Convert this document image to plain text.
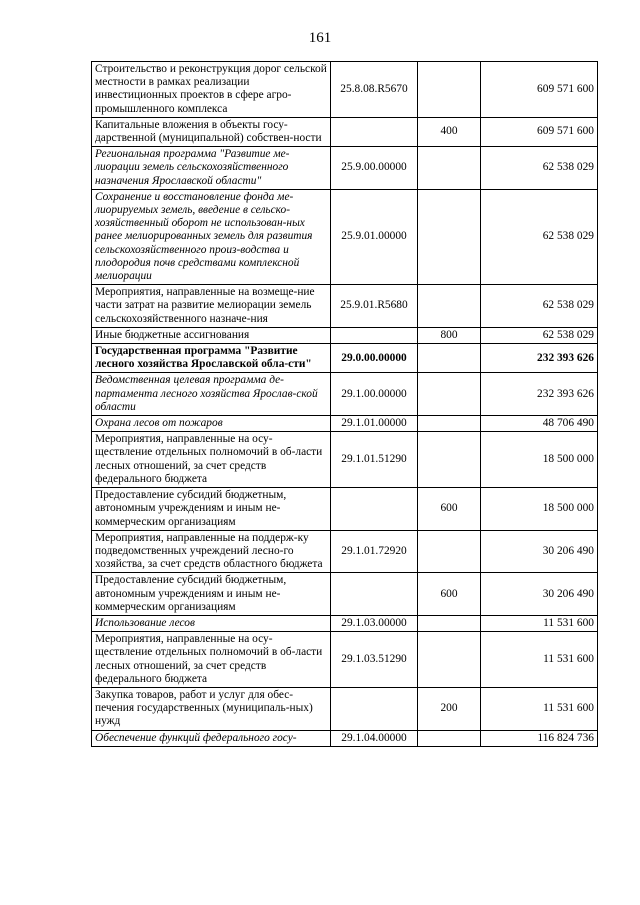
161
Строительство и реконструкция дорог сельской местности в рамках реализации инвестиционных проектов в сфере агро-промышленного комплекса	25.8.08.R5670		609 571 600
Капитальные вложения в объекты госу-дарственной (муниципальной) собствен-ности		400	609 571 600
Региональная программа "Развитие ме-лиорации земель сельскохозяйственного назначения Ярославской области"	25.9.00.00000		62 538 029
Сохранение и восстановление фонда ме-лиорируемых земель, введение в сельско-хозяйственный оборот не использован-ных ранее мелиорированных земель для развития сельскохозяйственного произ-водства и плодородия почв средствами комплексной мелиорации	25.9.01.00000		62 538 029
Мероприятия, направленные на возмеще-ние части затрат на развитие мелиорации земель сельскохозяйственного назначе-ния	25.9.01.R5680		62 538 029
Иные бюджетные ассигнования		800	62 538 029
Государственная программа "Развитие лесного хозяйства Ярославской обла-сти"	29.0.00.00000		232 393 626
Ведомственная целевая программа де-партамента лесного хозяйства Ярослав-ской области	29.1.00.00000		232 393 626
Охрана лесов от пожаров	29.1.01.00000		48 706 490
Мероприятия, направленные на осу-ществление отдельных полномочий в об-ласти лесных отношений, за счет средств федерального бюджета	29.1.01.51290		18 500 000
Предоставление субсидий бюджетным, автономным учреждениям и иным не-коммерческим организациям		600	18 500 000
Мероприятия, направленные на поддерж-ку подведомственных учреждений лесно-го хозяйства, за счет средств областного бюджета	29.1.01.72920		30 206 490
Предоставление субсидий бюджетным, автономным учреждениям и иным не-коммерческим организациям		600	30 206 490
Использование лесов	29.1.03.00000		11 531 600
Мероприятия, направленные на осу-ществление отдельных полномочий в об-ласти лесных отношений, за счет средств федерального бюджета	29.1.03.51290		11 531 600
Закупка товаров, работ и услуг для обес-печения государственных (муниципаль-ных) нужд		200	11 531 600
Обеспечение функций федерального госу-	29.1.04.00000		116 824 736
